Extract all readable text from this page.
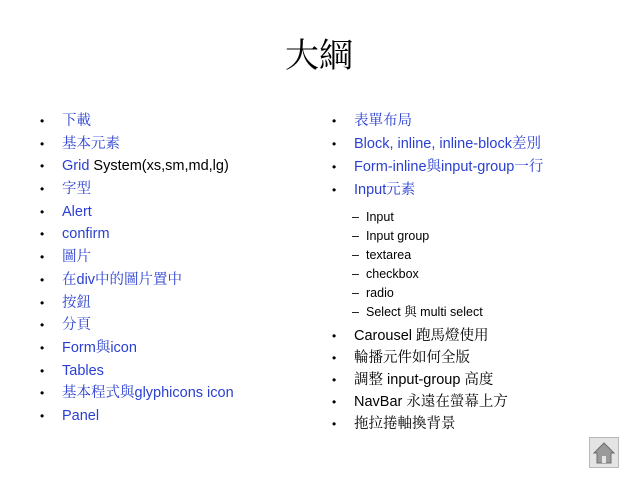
大綱
• 下載
• 基本元素
• Grid System(xs,sm,md,lg)
• 字型
• Alert
• confirm
• 圖片
• 在div中的圖片置中
• 按鈕
• 分頁
• Form與icon
• Tables
• 基本程式與glyphicons icon
• Panel
• 表單布局
• Block, inline, inline-block差別
• Form-inline與input-group一行
• Input元素
– Input
– Input group
– textarea
– checkbox
– radio
– Select 與 multi select
• Carousel 跑馬燈使用
• 輪播元件如何全版
• 調整 input-group 高度
• NavBar 永遠在螢幕上方
• 拖拉捲軸換背景
